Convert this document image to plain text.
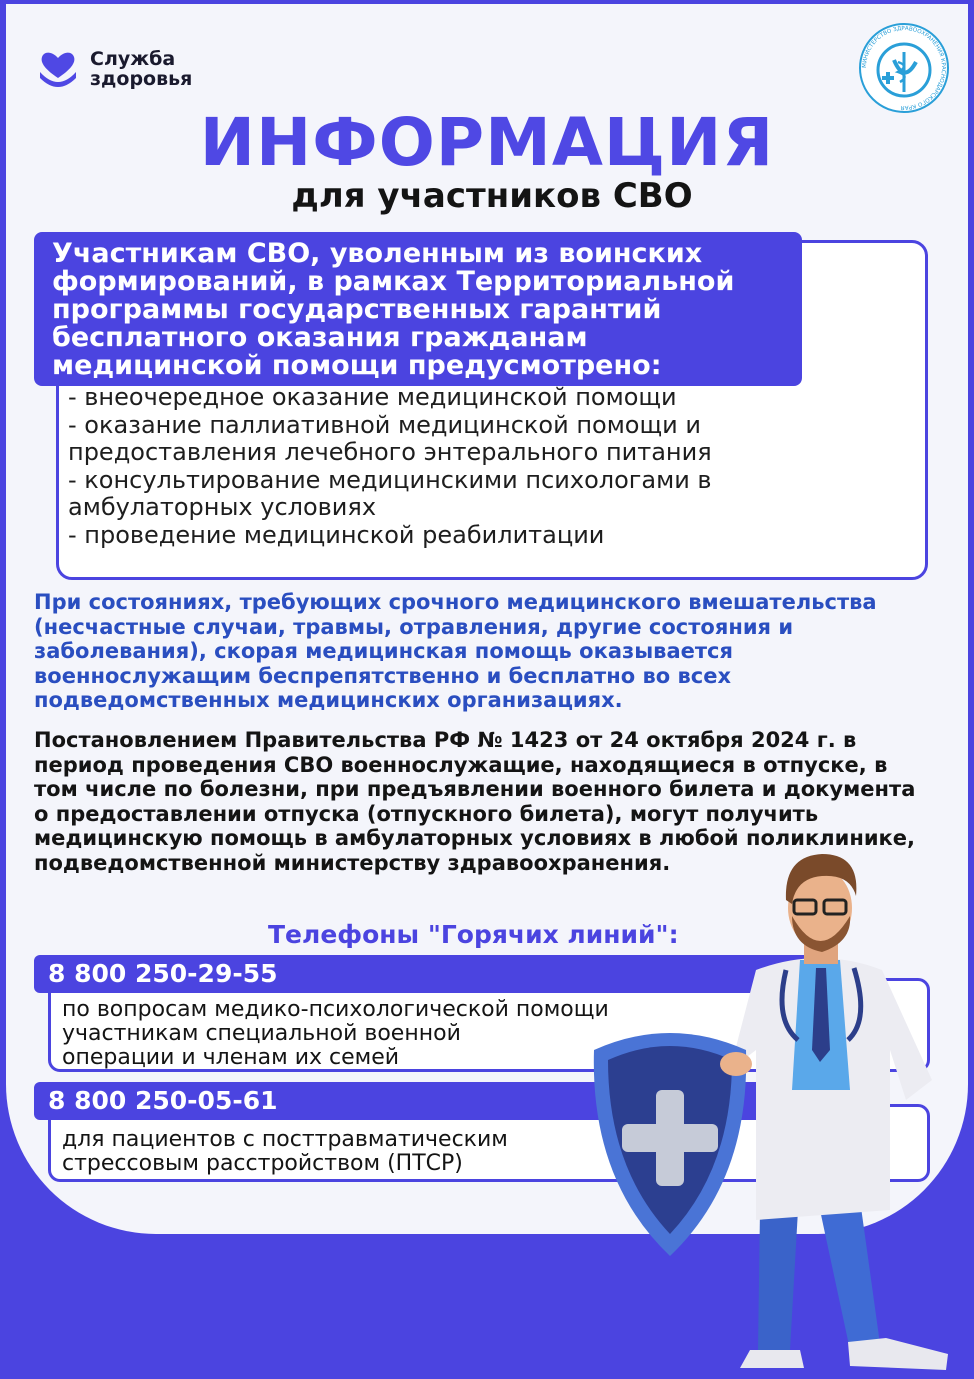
Служба
здоровья
МИНИСТЕРСТВО ЗДРАВООХРАНЕНИЯ КРАСНОДАРСКОГО КРАЯ
ИНФОРМАЦИЯ
для участников СВО
Участникам СВО, уволенным из воинских
формирований, в рамках Территориальной
программы государственных гарантий
бесплатного оказания гражданам
медицинской помощи предусмотрено:
- внеочередное оказание медицинской помощи
- оказание паллиативной медицинской помощи и предоставления лечебного энтерального питания
- консультирование медицинскими психологами в амбулаторных условиях
- проведение медицинской реабилитации
При состояниях, требующих срочного медицинского вмешательства (несчастные случаи, травмы, отравления, другие состояния и заболевания), скорая медицинская помощь оказывается военнослужащим беспрепятственно и бесплатно во всех подведомственных медицинских организациях.
Постановлением Правительства РФ № 1423 от 24 октября 2024 г. в период проведения СВО военнослужащие, находящиеся в отпуске, в том числе по болезни, при предъявлении военного билета и документа о предоставлении отпуска (отпускного билета), могут получить медицинскую помощь в амбулаторных условиях в любой поликлинике, подведомственной министерству здравоохранения.
Телефоны "Горячих линий":
8 800 250-29-55
по вопросам медико-психологической помощи
участникам специальной военной
операции и членам их семей
8 800 250-05-61
для пациентов с посттравматическим
стрессовым расстройством (ПТСР)
